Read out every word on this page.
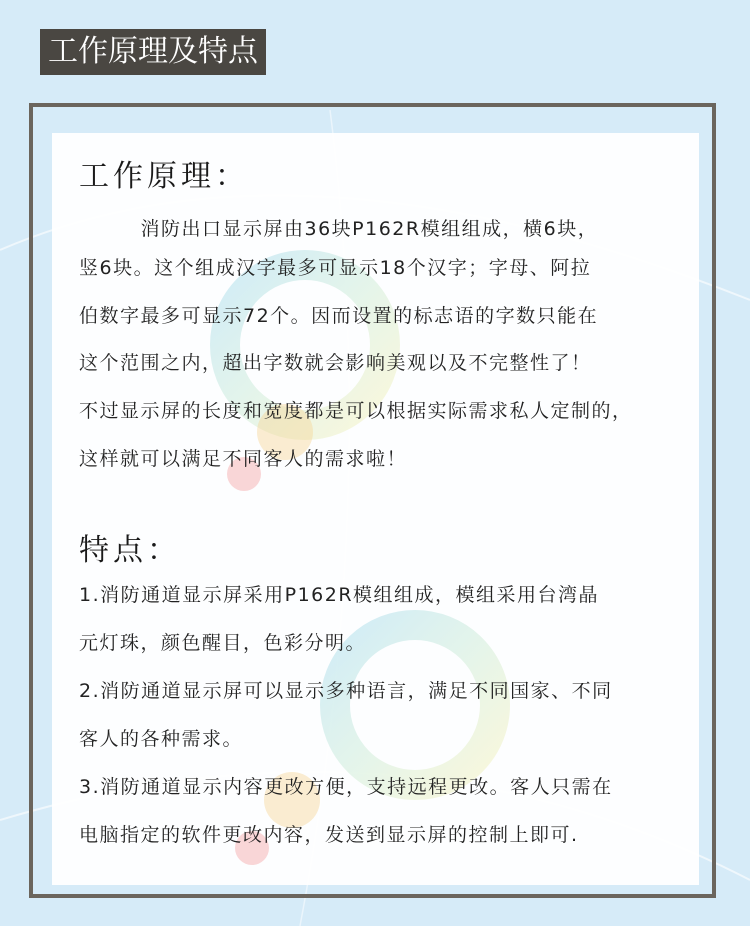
工作原理及特点
工作原理：
　　　消防出口显示屏由36块P162R模组组成，横6块，
竖6块。这个组成汉字最多可显示18个汉字；字母、阿拉
伯数字最多可显示72个。因而设置的标志语的字数只能在
这个范围之内，超出字数就会影响美观以及不完整性了！
不过显示屏的长度和宽度都是可以根据实际需求私人定制的，
这样就可以满足不同客人的需求啦！
特点：
1.消防通道显示屏采用P162R模组组成，模组采用台湾晶
元灯珠，颜色醒目，色彩分明。
2.消防通道显示屏可以显示多种语言，满足不同国家、不同
客人的各种需求。
3.消防通道显示内容更改方便，支持远程更改。客人只需在
电脑指定的软件更改内容，发送到显示屏的控制上即可.
